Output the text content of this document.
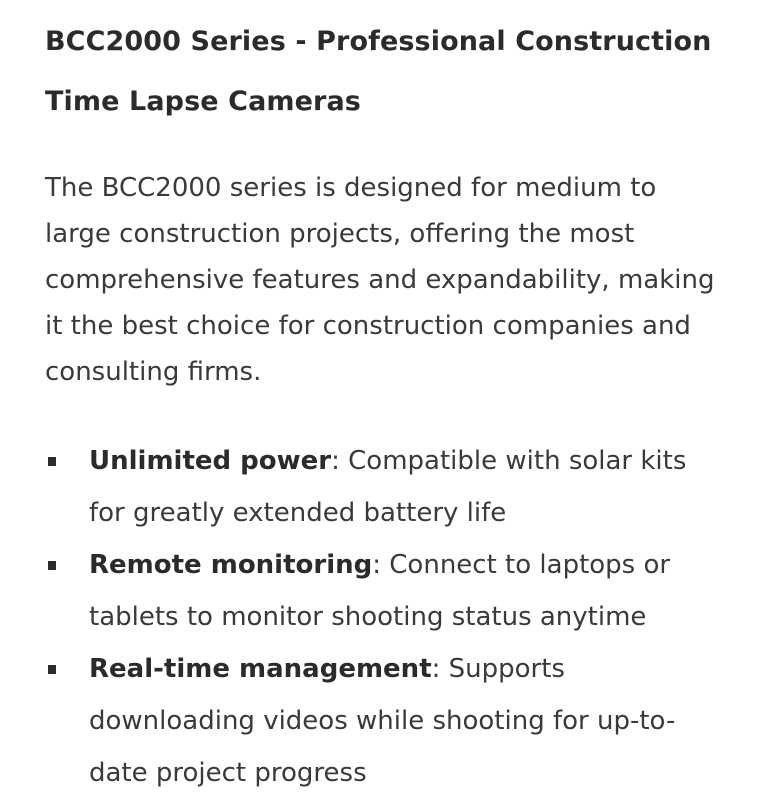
BCC2000 Series - Professional Construction Time Lapse Cameras

The BCC2000 series is designed for medium to large construction projects, offering the most comprehensive features and expandability, making it the best choice for construction companies and consulting firms.

Unlimited power: Compatible with solar kits for greatly extended battery life
Remote monitoring: Connect to laptops or tablets to monitor shooting status anytime
Real-time management: Supports downloading videos while shooting for up-to-date project progress
